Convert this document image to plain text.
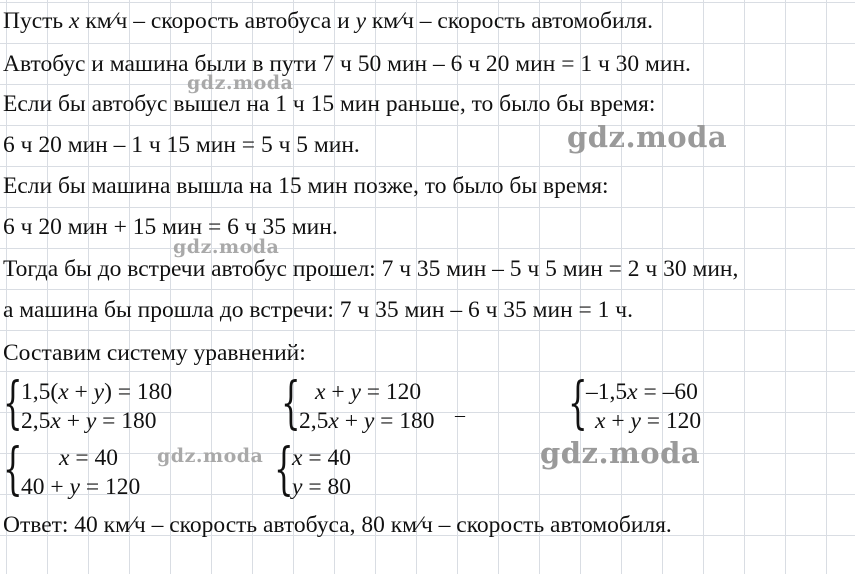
Пусть x км⁄ч – скорость автобуса и y км⁄ч – скорость автомобиля.
Автобус и машина были в пути 7 ч 50 мин – 6 ч 20 мин = 1 ч 30 мин.
Если бы автобус вышел на 1 ч 15 мин раньше, то было бы время:
6 ч 20 мин – 1 ч 15 мин = 5 ч 5 мин.
Если бы машина вышла на 15 мин позже, то было бы время:
6 ч 20 мин + 15 мин = 6 ч 35 мин.
Тогда бы до встречи автобус прошел: 7 ч 35 мин – 5 ч 5 мин = 2 ч 30 мин,
а машина бы прошла до встречи: 7 ч 35 мин – 6 ч 35 мин = 1 ч.
Составим систему уравнений:
{
1,5(x + y) = 180
2,5x + y = 180 { x + y = 120
2,5x + y = 180 – {
–1,5x = –60
x + y = 120
{ x = 40
40 + y = 120 {
x = 40
y = 80
Ответ: 40 км⁄ч – скорость автобуса, 80 км⁄ч – скорость автомобиля.
gdz.moda
gdz.moda
gdz.moda
gdz.moda	gdz.moda
